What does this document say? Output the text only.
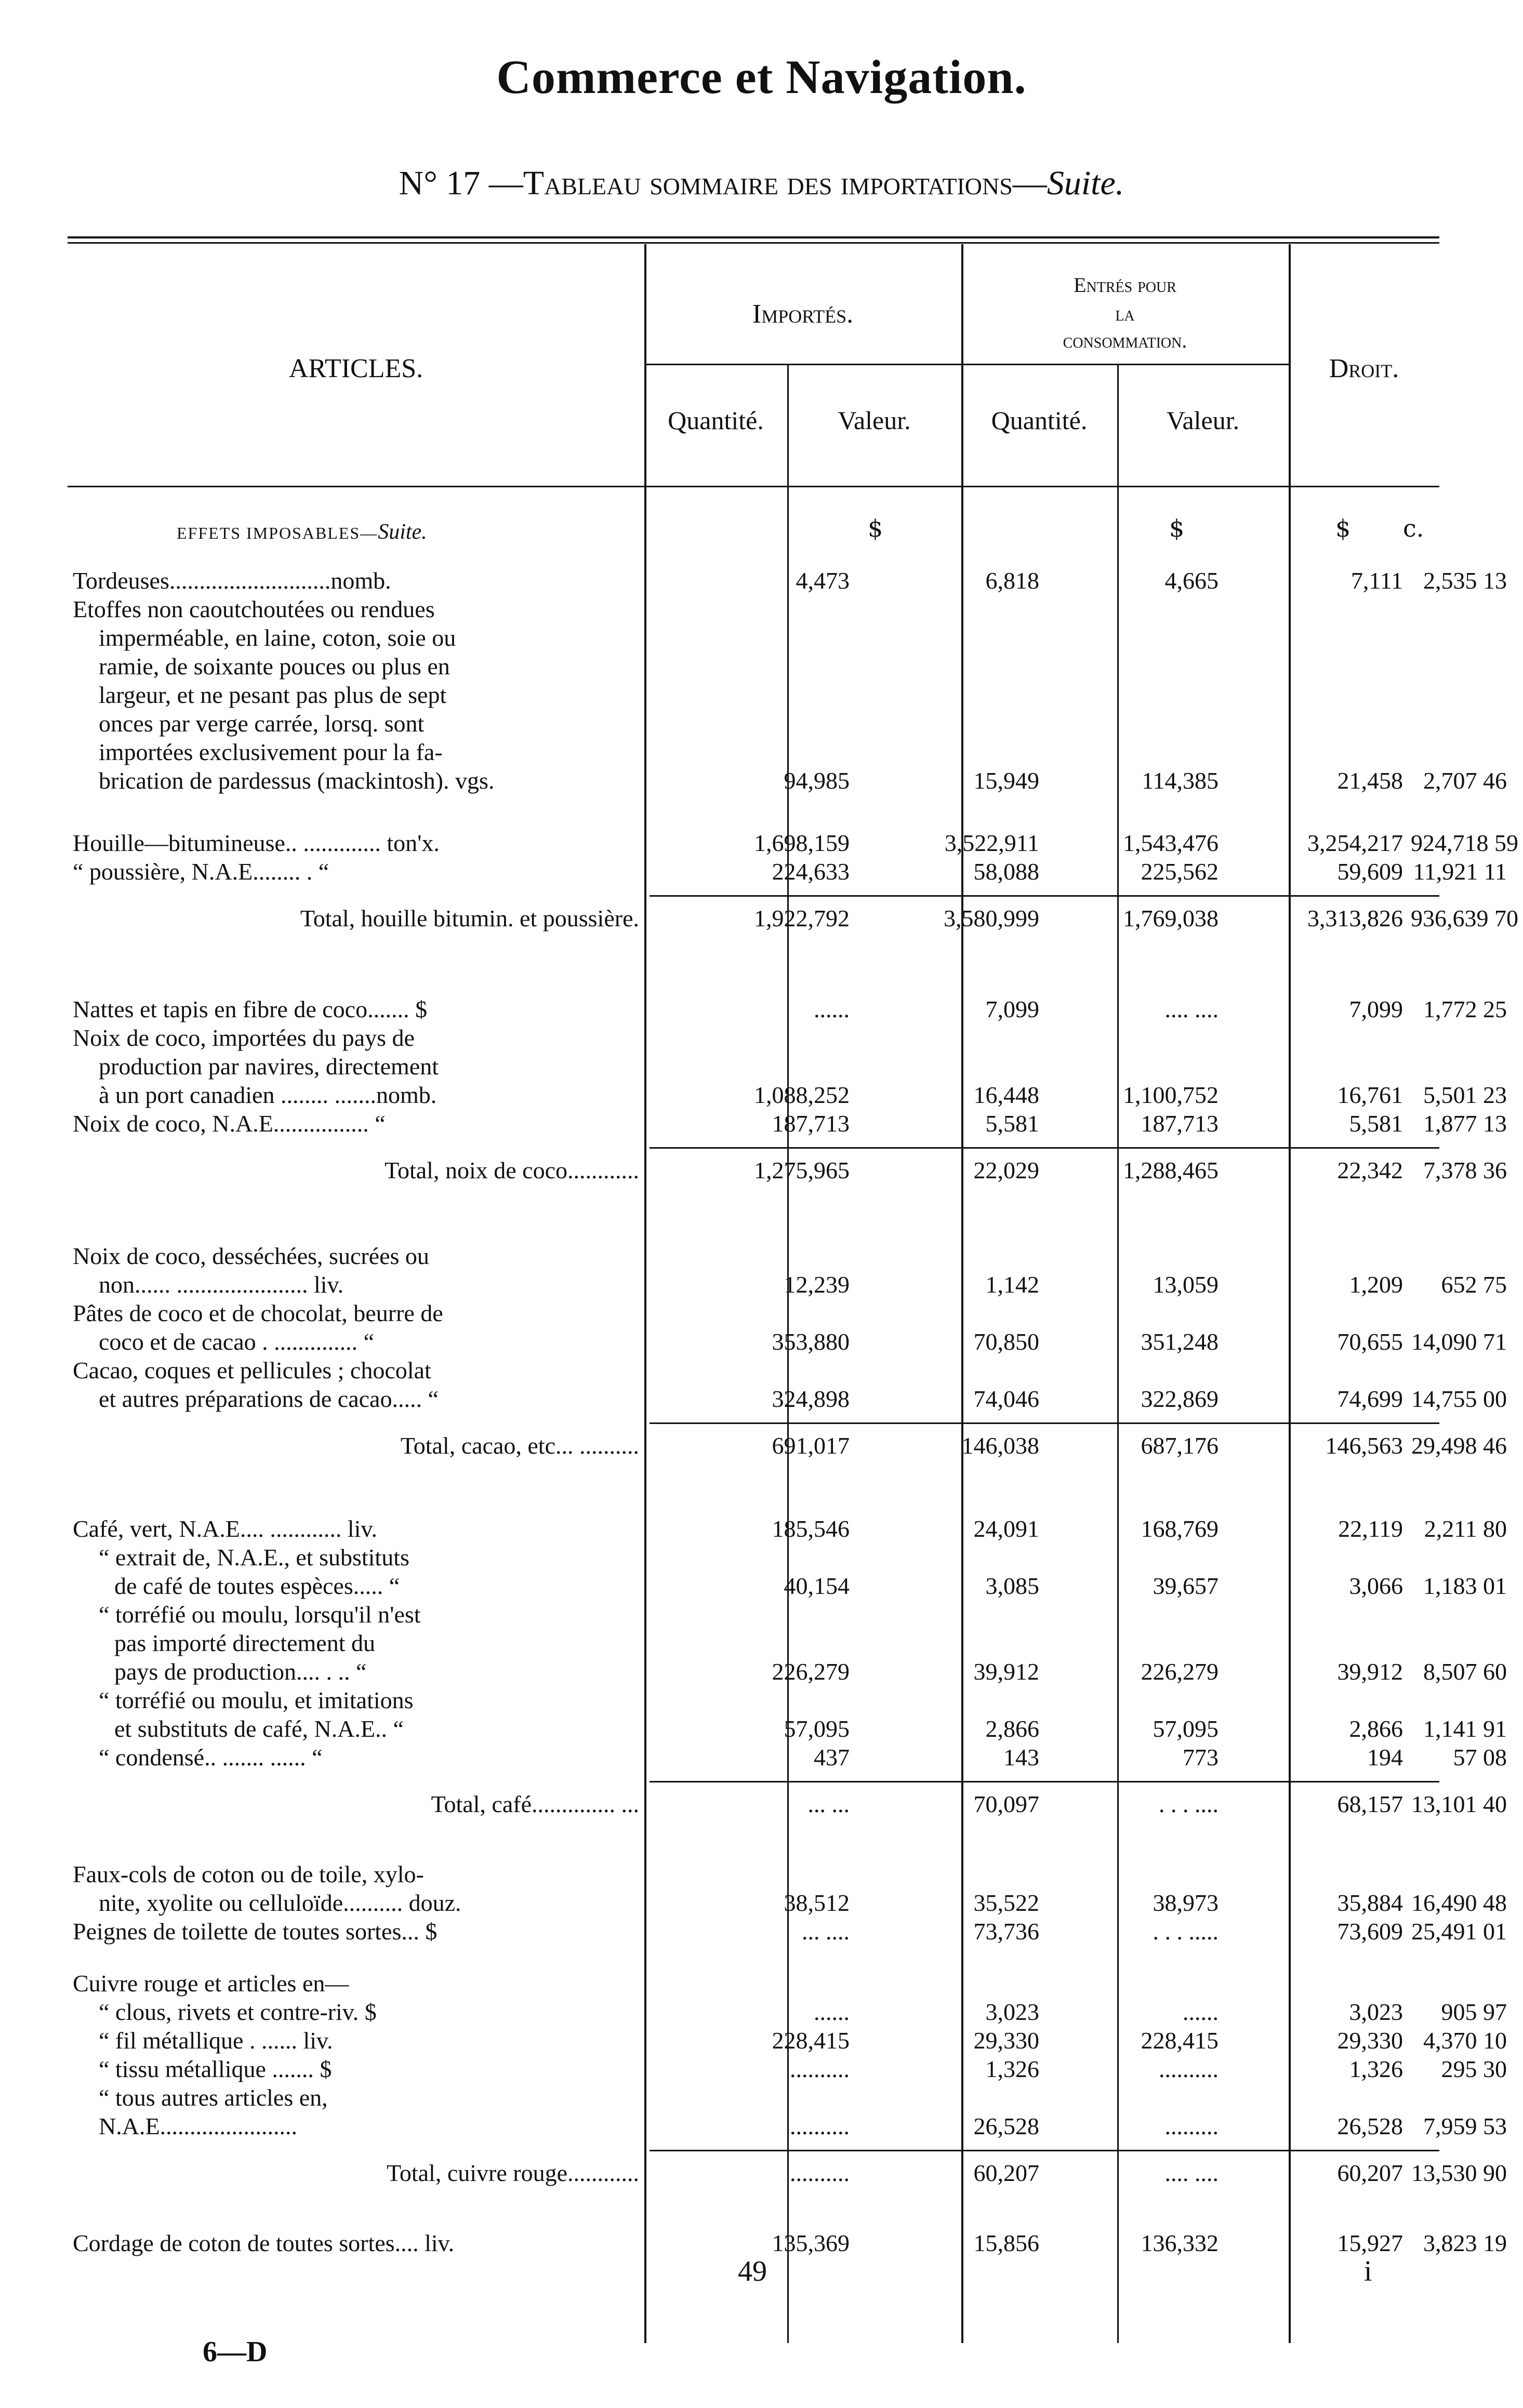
Commerce et Navigation.
N° 17 —Tableau sommaire des importations—Suite.
ARTICLES.
Importés.
Entrés pour
la
consommation.
Droit.
Quantité.	Valeur.	Quantité.	Valeur.
EFFETS IMPOSABLES—Suite.	$	$	$ c.
Tordeuses...........................nomb.	4,473	6,818	4,665	7,111 2,535 13
Etoffes non caoutchoutées ou rendues
imperméable, en laine, coton, soie ou
ramie, de soixante pouces ou plus en
largeur, et ne pesant pas plus de sept
onces par verge carrée, lorsq. sont
importées exclusivement pour la fa-
brication de pardessus (mackintosh). vgs.	94,985	15,949	114,385	21,458 2,707 46
Houille—bitumineuse.. ............. ton'x.	1,698,159	3,522,911	1,543,476	3,254,217 924,718 59
“ poussière, N.A.E........ . “	224,633	58,088	225,562	59,609 11,921 11
Total, houille bitumin. et poussière.	1,922,792	3,580,999	1,769,038	3,313,826 936,639 70
Nattes et tapis en fibre de coco....... $	......	7,099	.... ....	7,099 1,772 25
Noix de coco, importées du pays de
production par navires, directement
à un port canadien ........ .......nomb.	1,088,252	16,448	1,100,752	16,761 5,501 23
Noix de coco, N.A.E................ “	187,713	5,581	187,713	5,581 1,877 13
Total, noix de coco............	1,275,965	22,029	1,288,465	22,342 7,378 36
Noix de coco, desséchées, sucrées ou
non...... ...................... liv.	12,239	1,142	13,059	1,209	652 75
Pâtes de coco et de chocolat, beurre de
coco et de cacao . .............. “	353,880	70,850	351,248	70,655 14,090 71
Cacao, coques et pellicules ; chocolat
et autres préparations de cacao..... “	324,898	74,046	322,869	74,699 14,755 00
Total, cacao, etc... ..........	691,017	146,038	687,176	146,563 29,498 46
Café, vert, N.A.E.... ............ liv.	185,546	24,091	168,769	22,119 2,211 80
“ extrait de, N.A.E., et substituts
de café de toutes espèces..... “	40,154	3,085	39,657	3,066 1,183 01
“ torréfié ou moulu, lorsqu'il n'est
pas importé directement du
pays de production.... . .. “	226,279	39,912	226,279	39,912 8,507 60
“ torréfié ou moulu, et imitations
et substituts de café, N.A.E.. “	57,095	2,866	57,095	2,866 1,141 91
“ condensé.. ....... ...... “	437	143	773	194	57 08
Total, café.............. ...	... ...	70,097	. . . ....	68,157 13,101 40
Faux-cols de coton ou de toile, xylo-
nite, xyolite ou celluloïde.......... douz.	38,512	35,522	38,973	35,884 16,490 48
Peignes de toilette de toutes sortes... $	... ....	73,736	. . . .....	73,609 25,491 01
Cuivre rouge et articles en—
“ clous, rivets et contre-riv. $	......	3,023	......	3,023	905 97
“ fil métallique . ...... liv.	228,415	29,330	228,415	29,330 4,370 10
“ tissu métallique ....... $	..........	1,326	..........	1,326	295 30
“ tous autres articles en,
N.A.E.......................	..........	26,528	.........	26,528 7,959 53
Total, cuivre rouge............	..........	60,207	.... ....	60,207 13,530 90
Cordage de coton de toutes sortes.... liv.	135,369	15,856	136,332	15,927 3,823 19
49	i
6—D
